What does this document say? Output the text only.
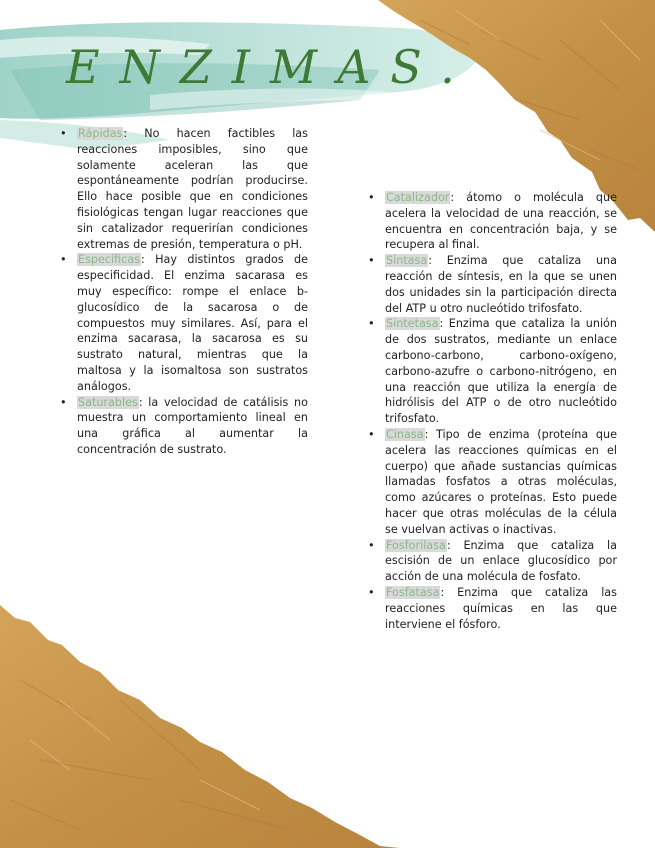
ENZIMAS.
• Rápidas: No hacen factibles las reacciones imposibles, sino que solamente aceleran las que espontáneamente podrían producirse. Ello hace posible que en condiciones fisiológicas tengan lugar reacciones que sin catalizador requerirían condiciones extremas de presión, temperatura o pH.
• Específicas: Hay distintos grados de especificidad. El enzima sacarasa es muy específico: rompe el enlace b-glucosídico de la sacarosa o de compuestos muy similares. Así, para el enzima sacarasa, la sacarosa es su sustrato natural, mientras que la maltosa y la isomaltosa son sustratos análogos.
• Saturables: la velocidad de catálisis no muestra un comportamiento lineal en una gráfica al aumentar la concentración de sustrato.
• Catalizador: átomo o molécula que acelera la velocidad de una reacción, se encuentra en concentración baja, y se recupera al final.
• Sintasa: Enzima que cataliza una reacción de síntesis, en la que se unen dos unidades sin la participación directa del ATP u otro nucleótido trifosfato.
• Sintetasa: Enzima que cataliza la unión de dos sustratos, mediante un enlace carbono-carbono, carbono-oxígeno, carbono-azufre o carbono-nitrógeno, en una reacción que utiliza la energía de hidrólisis del ATP o de otro nucleótido trifosfato.
• Cinasa: Tipo de enzima (proteína que acelera las reacciones químicas en el cuerpo) que añade sustancias químicas llamadas fosfatos a otras moléculas, como azúcares o proteínas. Esto puede hacer que otras moléculas de la célula se vuelvan activas o inactivas.
• Fosforilasa: Enzima que cataliza la escisión de un enlace glucosídico por acción de una molécula de fosfato.
• Fosfatasa: Enzima que cataliza las reacciones químicas en las que interviene el fósforo.
